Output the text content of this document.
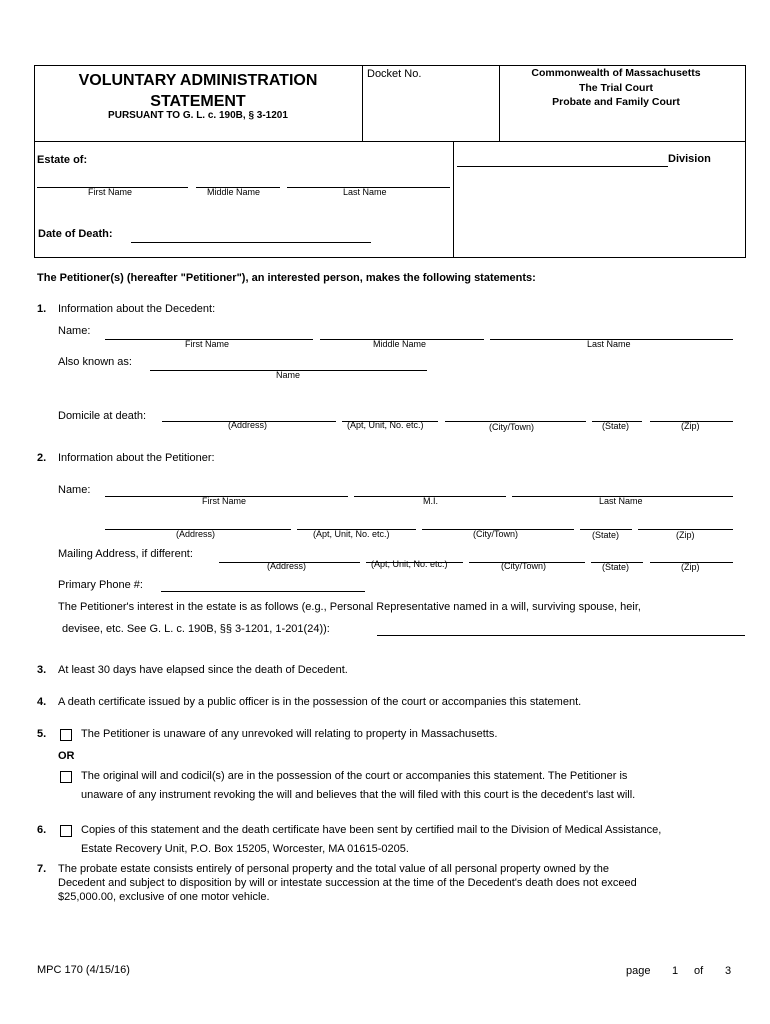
VOLUNTARY ADMINISTRATION
STATEMENT
PURSUANT TO G. L. c. 190B, § 3-1201
Docket No.	Commonwealth of Massachusetts
The Trial Court
Probate and Family Court
Estate of:	Division
First Name	Middle Name	Last Name
Date of Death:
The Petitioner(s) (hereafter "Petitioner"), an interested person, makes the following statements:
1. Information about the Decedent:
Name:
First Name	Middle Name	Last Name
Also known as:
Name
Domicile at death:
(Address)	(Apt, Unit, No. etc.)	(City/Town)	(State)	(Zip)
2. Information about the Petitioner:
Name:
First Name	M.I.	Last Name
(Address)	(Apt, Unit, No. etc.)	(City/Town)	(State)	(Zip)
Mailing Address, if different:
(Address)	(Apt, Unit, No. etc.)	(City/Town)	(State)	(Zip)
Primary Phone #:
The Petitioner's interest in the estate is as follows (e.g., Personal Representative named in a will, surviving spouse, heir,
devisee, etc. See G. L. c. 190B, §§ 3-1201, 1-201(24)):
3. At least 30 days have elapsed since the death of Decedent.
4. A death certificate issued by a public officer is in the possession of the court or accompanies this statement.
5.	The Petitioner is unaware of any unrevoked will relating to property in Massachusetts.
OR
The original will and codicil(s) are in the possession of the court or accompanies this statement. The Petitioner is
unaware of any instrument revoking the will and believes that the will filed with this court is the decedent's last will.
6.	Copies of this statement and the death certificate have been sent by certified mail to the Division of Medical Assistance,
Estate Recovery Unit, P.O. Box 15205, Worcester, MA 01615-0205.
7. The probate estate consists entirely of personal property and the total value of all personal property owned by the
Decedent and subject to disposition by will or intestate succession at the time of the Decedent's death does not exceed
$25,000.00, exclusive of one motor vehicle.
MPC 170 (4/15/16)	page 1 of 3
